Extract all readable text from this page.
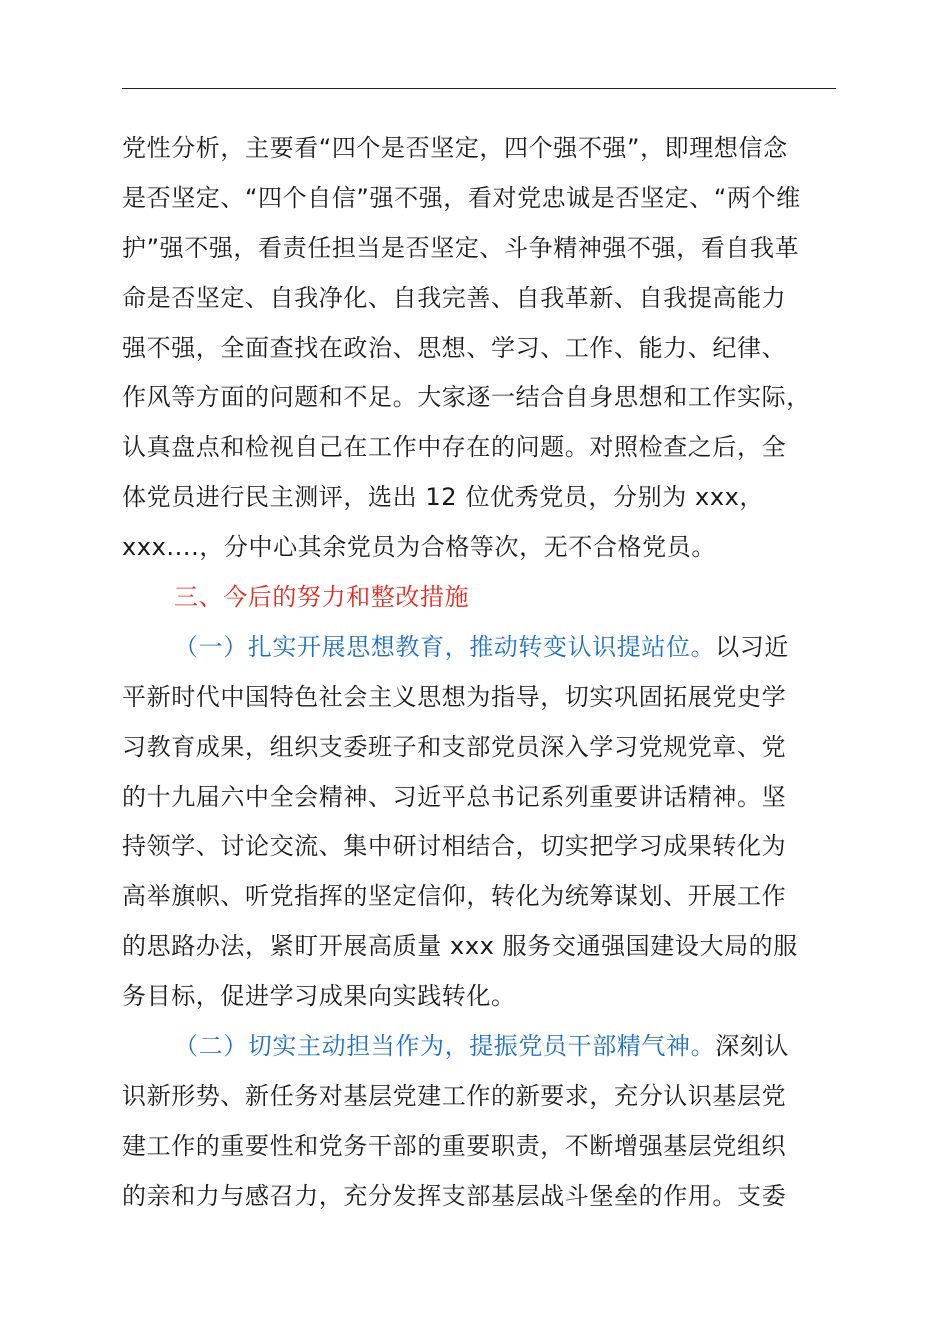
党性分析，主要看“四个是否坚定，四个强不强”，即理想信念
是否坚定、“四个自信”强不强，看对党忠诚是否坚定、“两个维
护”强不强，看责任担当是否坚定、斗争精神强不强，看自我革
命是否坚定、自我净化、自我完善、自我革新、自我提高能力
强不强，全面查找在政治、思想、学习、工作、能力、纪律、
作风等方面的问题和不足。大家逐一结合自身思想和工作实际，
认真盘点和检视自己在工作中存在的问题。对照检查之后，全
体党员进行民主测评，选出 12 位优秀党员，分别为 xxx，
xxx....，分中心其余党员为合格等次，无不合格党员。
三、今后的努力和整改措施
（一）扎实开展思想教育，推动转变认识提站位。以习近
平新时代中国特色社会主义思想为指导，切实巩固拓展党史学
习教育成果，组织支委班子和支部党员深入学习党规党章、党
的十九届六中全会精神、习近平总书记系列重要讲话精神。坚
持领学、讨论交流、集中研讨相结合，切实把学习成果转化为
高举旗帜、听党指挥的坚定信仰，转化为统筹谋划、开展工作
的思路办法，紧盯开展高质量 xxx 服务交通强国建设大局的服
务目标，促进学习成果向实践转化。
（二）切实主动担当作为，提振党员干部精气神。深刻认
识新形势、新任务对基层党建工作的新要求，充分认识基层党
建工作的重要性和党务干部的重要职责，不断增强基层党组织
的亲和力与感召力，充分发挥支部基层战斗堡垒的作用。支委
